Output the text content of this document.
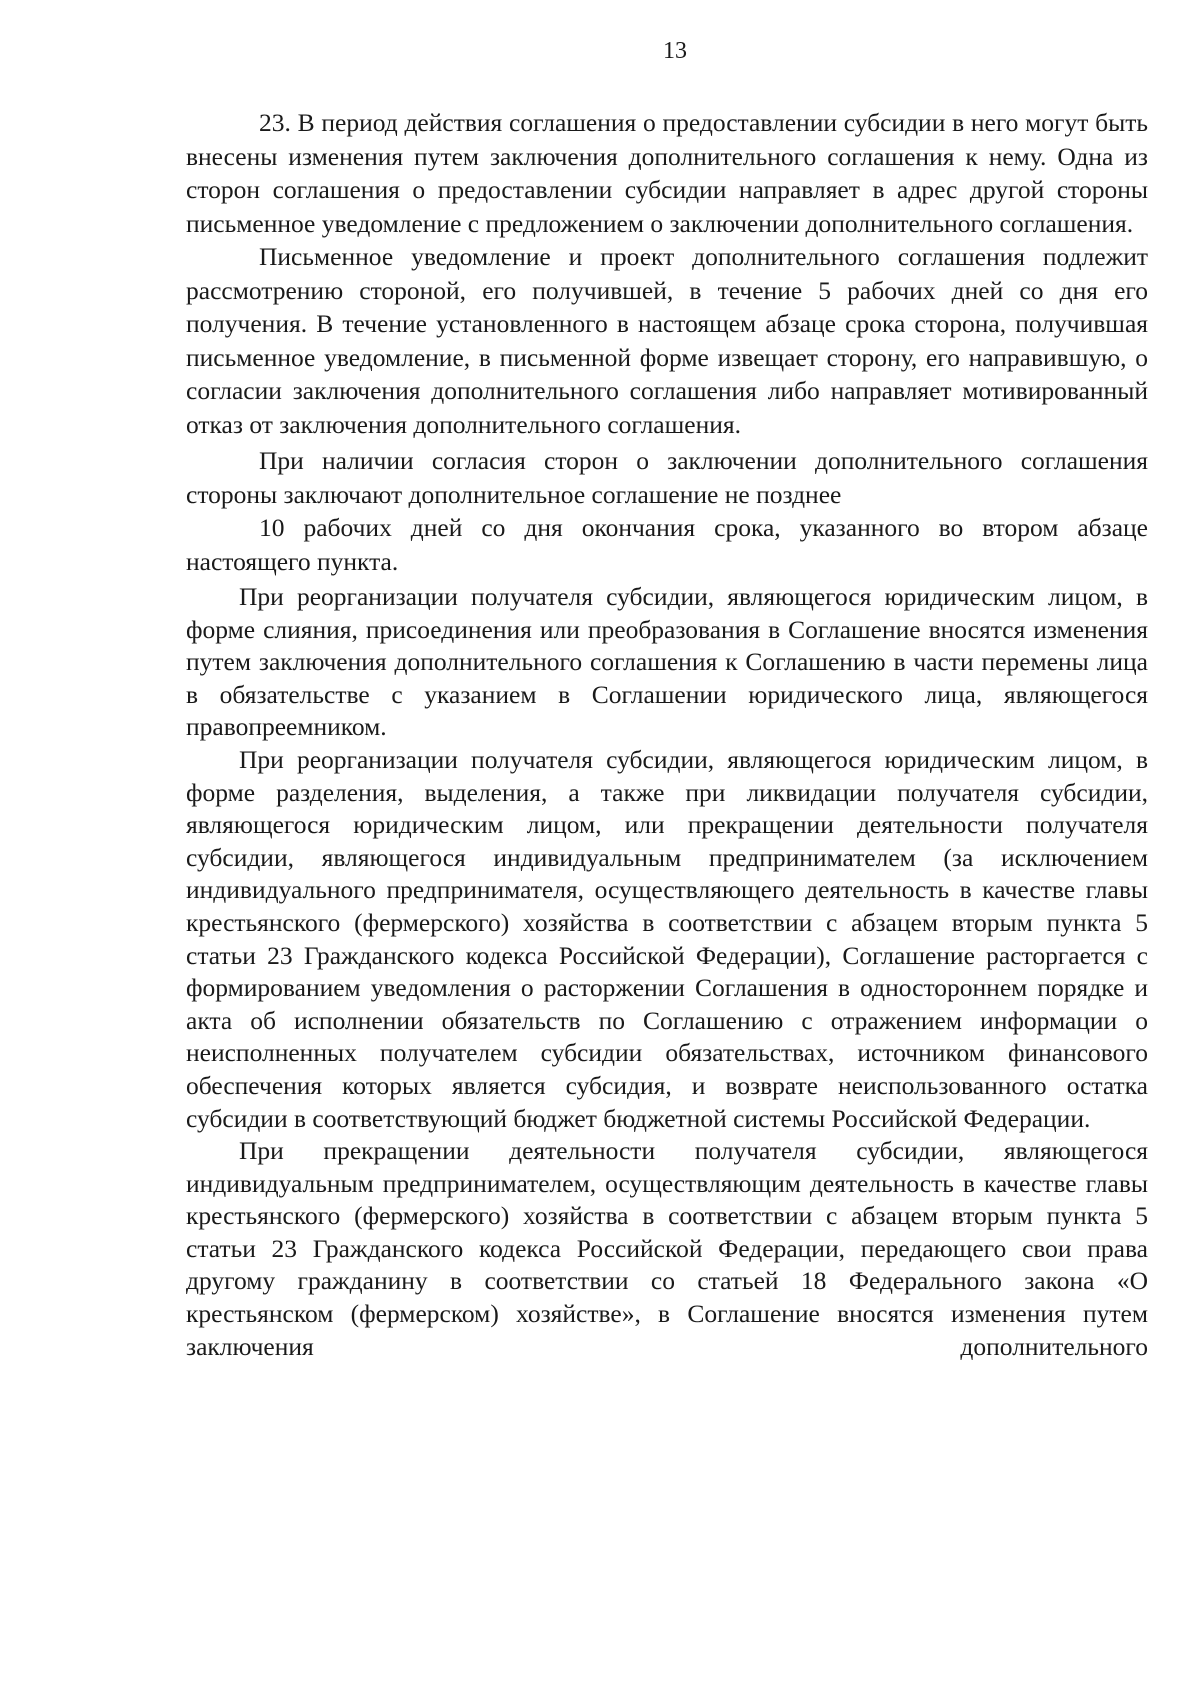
13

23. В период действия соглашения о предоставлении субсидии в него могут быть внесены изменения путем заключения дополнительного соглашения к нему. Одна из сторон соглашения о предоставлении субсидии направляет в адрес другой стороны письменное уведомление с предложением о заключении дополнительного соглашения.

Письменное уведомление и проект дополнительного соглашения подлежит рассмотрению стороной, его получившей, в течение 5 рабочих дней со дня его получения. В течение установленного в настоящем абзаце срока сторона, получившая письменное уведомление, в письменной форме извещает сторону, его направившую, о согласии заключения дополнительного соглашения либо направляет мотивированный отказ от заключения дополнительного соглашения.

При наличии согласия сторон о заключении дополнительного соглашения стороны заключают дополнительное соглашение не позднее

10 рабочих дней со дня окончания срока, указанного во втором абзаце настоящего пункта.

При реорганизации получателя субсидии, являющегося юридическим лицом, в форме слияния, присоединения или преобразования в Соглашение вносятся изменения путем заключения дополнительного соглашения к Соглашению в части перемены лица в обязательстве с указанием в Соглашении юридического лица, являющегося правопреемником.

При реорганизации получателя субсидии, являющегося юридическим лицом, в форме разделения, выделения, а также при ликвидации получателя субсидии, являющегося юридическим лицом, или прекращении деятельности получателя субсидии, являющегося индивидуальным предпринимателем (за исключением индивидуального предпринимателя, осуществляющего деятельность в качестве главы крестьянского (фермерского) хозяйства в соответствии с абзацем вторым пункта 5 статьи 23 Гражданского кодекса Российской Федерации), Соглашение расторгается с формированием уведомления о расторжении Соглашения в одностороннем порядке и акта об исполнении обязательств по Соглашению с отражением информации о неисполненных получателем субсидии обязательствах, источником финансового обеспечения которых является субсидия, и возврате неиспользованного остатка субсидии в соответствующий бюджет бюджетной системы Российской Федерации.

При прекращении деятельности получателя субсидии, являющегося индивидуальным предпринимателем, осуществляющим деятельность в качестве главы крестьянского (фермерского) хозяйства в соответствии с абзацем вторым пункта 5 статьи 23 Гражданского кодекса Российской Федерации, передающего свои права другому гражданину в соответствии со статьей 18 Федерального закона «О крестьянском (фермерском) хозяйстве», в Соглашение вносятся изменения путем заключения дополнительного
